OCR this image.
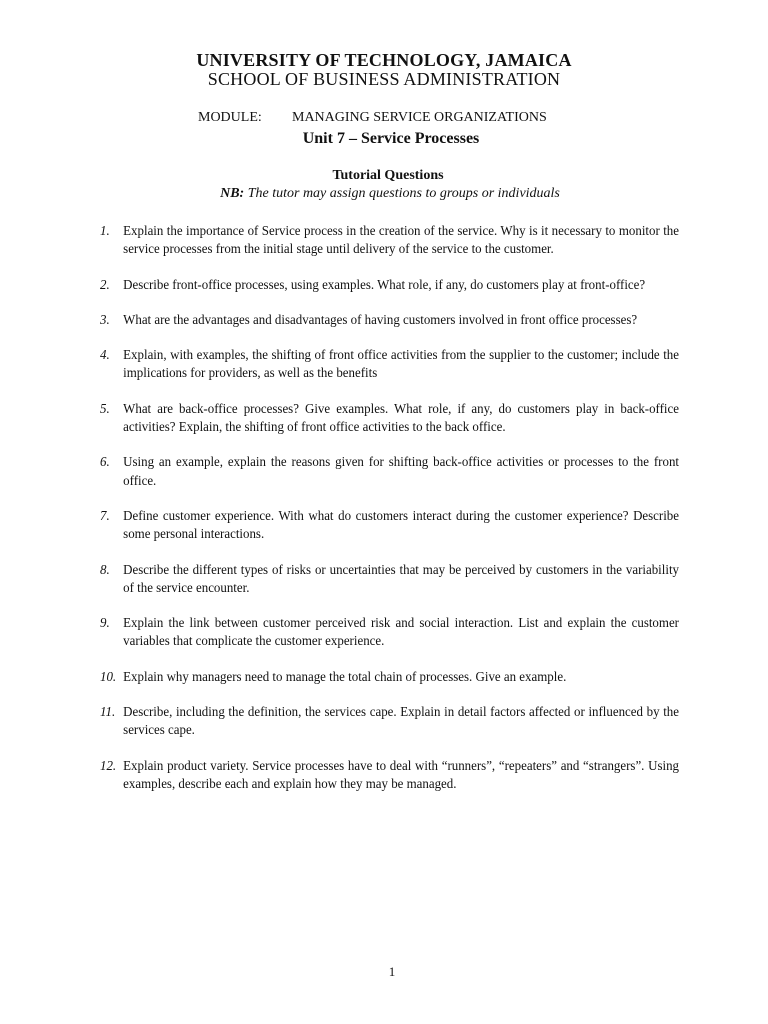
UNIVERSITY OF TECHNOLOGY, JAMAICA
SCHOOL OF BUSINESS ADMINISTRATION
MODULE: MANAGING SERVICE ORGANIZATIONS
Unit 7 – Service Processes
Tutorial Questions
NB: The tutor may assign questions to groups or individuals
1.	Explain the importance of Service process in the creation of the service. Why is it necessary to monitor the service processes from the initial stage until delivery of the service to the customer.
2.	Describe front-office processes, using examples. What role, if any, do customers play at front-office?
3.	What are the advantages and disadvantages of having customers involved in front office processes?
4.	Explain, with examples, the shifting of front office activities from the supplier to the customer; include the implications for providers, as well as the benefits
5.	What are back-office processes? Give examples. What role, if any, do customers play in back-office activities? Explain, the shifting of front office activities to the back office.
6.	Using an example, explain the reasons given for shifting back-office activities or processes to the front office.
7.	Define customer experience. With what do customers interact during the customer experience? Describe some personal interactions.
8.	Describe the different types of risks or uncertainties that may be perceived by customers in the variability of the service encounter.
9.	Explain the link between customer perceived risk and social interaction. List and explain the customer variables that complicate the customer experience.
10. Explain why managers need to manage the total chain of processes. Give an example.
11. Describe, including the definition, the services cape. Explain in detail factors affected or influenced by the services cape.
12. Explain product variety. Service processes have to deal with “runners”, “repeaters” and “strangers”. Using examples, describe each and explain how they may be managed.
1
